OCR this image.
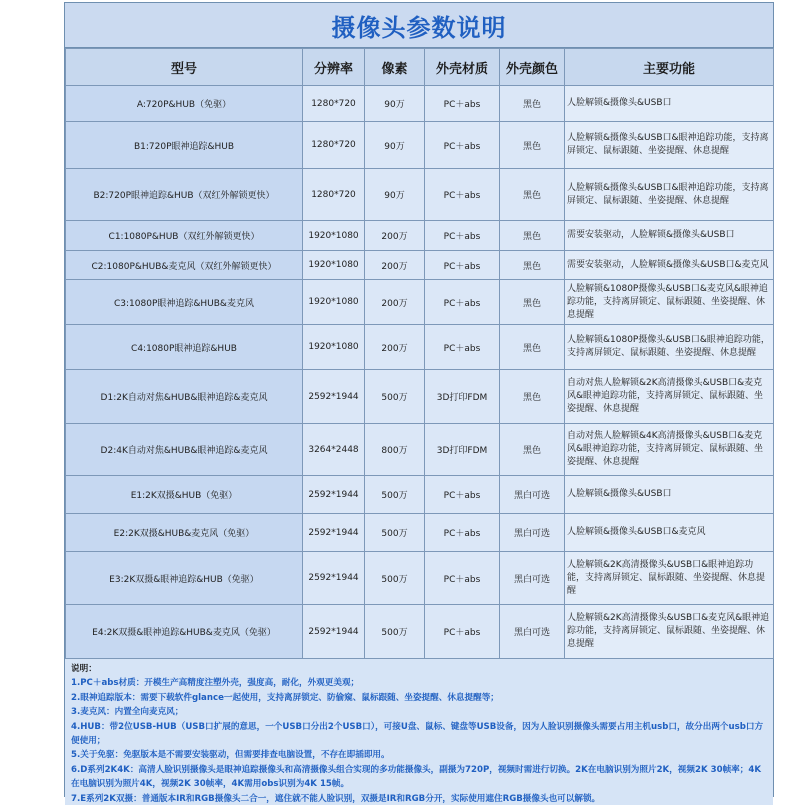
摄像头参数说明
型号	分辨率	像素	外壳材质	外壳颜色	主要功能
A:720P&HUB（免驱）	1280*720	90万	PC＋abs	黑色	人脸解锁&摄像头&USB口
B1:720P眼神追踪&HUB	1280*720	90万	PC＋abs	黑色	人脸解锁&摄像头&USB口&眼神追踪功能，支持离屏锁定、鼠标跟随、坐姿提醒、休息提醒
B2:720P眼神追踪&HUB（双红外解锁更快）	1280*720	90万	PC＋abs	黑色	人脸解锁&摄像头&USB口&眼神追踪功能，支持离屏锁定、鼠标跟随、坐姿提醒、休息提醒
C1:1080P&HUB（双红外解锁更快）	1920*1080	200万	PC＋abs	黑色	需要安装驱动，人脸解锁&摄像头&USB口
C2:1080P&HUB&麦克风（双红外解锁更快）	1920*1080	200万	PC＋abs	黑色	需要安装驱动，人脸解锁&摄像头&USB口&麦克风
C3:1080P眼神追踪&HUB&麦克风	1920*1080	200万	PC＋abs	黑色	人脸解锁&1080P摄像头&USB口&麦克风&眼神追踪功能，支持离屏锁定、鼠标跟随、坐姿提醒、休息提醒
C4:1080P眼神追踪&HUB	1920*1080	200万	PC＋abs	黑色	人脸解锁&1080P摄像头&USB口&眼神追踪功能，支持离屏锁定、鼠标跟随、坐姿提醒、休息提醒
D1:2K自动对焦&HUB&眼神追踪&麦克风	2592*1944	500万	3D打印FDM	黑色	自动对焦人脸解锁&2K高清摄像头&USB口&麦克风&眼神追踪功能，支持离屏锁定、鼠标跟随、坐姿提醒、休息提醒
D2:4K自动对焦&HUB&眼神追踪&麦克风	3264*2448	800万	3D打印FDM	黑色	自动对焦人脸解锁&4K高清摄像头&USB口&麦克风&眼神追踪功能，支持离屏锁定、鼠标跟随、坐姿提醒、休息提醒
E1:2K双摄&HUB（免驱）	2592*1944	500万	PC＋abs	黑白可选	人脸解锁&摄像头&USB口
E2:2K双摄&HUB&麦克风（免驱）	2592*1944	500万	PC＋abs	黑白可选	人脸解锁&摄像头&USB口&麦克风
E3:2K双摄&眼神追踪&HUB（免驱）	2592*1944	500万	PC＋abs	黑白可选	人脸解锁&2K高清摄像头&USB口&眼神追踪功能，支持离屏锁定、鼠标跟随、坐姿提醒、休息提醒
E4:2K双摄&眼神追踪&HUB&麦克风（免驱）	2592*1944	500万	PC＋abs	黑白可选	人脸解锁&2K高清摄像头&USB口&麦克风&眼神追踪功能，支持离屏锁定、鼠标跟随、坐姿提醒、休息提醒
说明：
1.PC＋abs材质：开模生产高精度注塑外壳，强度高，耐化，外观更美观；
2.眼神追踪版本：需要下载软件glance一起使用，支持离屏锁定、防偷窥、鼠标跟随、坐姿提醒、休息提醒等；
3.麦克风：内置全向麦克风；
4.HUB：带2位USB-HUB（USB口扩展的意思，一个USB口分出2个USB口），可接U盘、鼠标、键盘等USB设备，因为人脸识别摄像头需要占用主机usb口，故分出两个usb口方便使用；
5.关于免驱：免驱版本是不需要安装驱动，但需要排查电脑设置，不存在即插即用。
6.D系列2K4K：高清人脸识别摄像头是眼神追踪摄像头和高清摄像头组合实现的多功能摄像头，副摄为720P，视频时需进行切换。2K在电脑识别为照片2K，视频2K 30帧率；4K在电脑识别为照片4K，视频2K 30帧率，4K需用obs识别为4K 15帧。
7.E系列2K双摄：普通版本IR和RGB摄像头二合一，遮住就不能人脸识别，双摄是IR和RGB分开，实际使用遮住RGB摄像头也可以解锁。
